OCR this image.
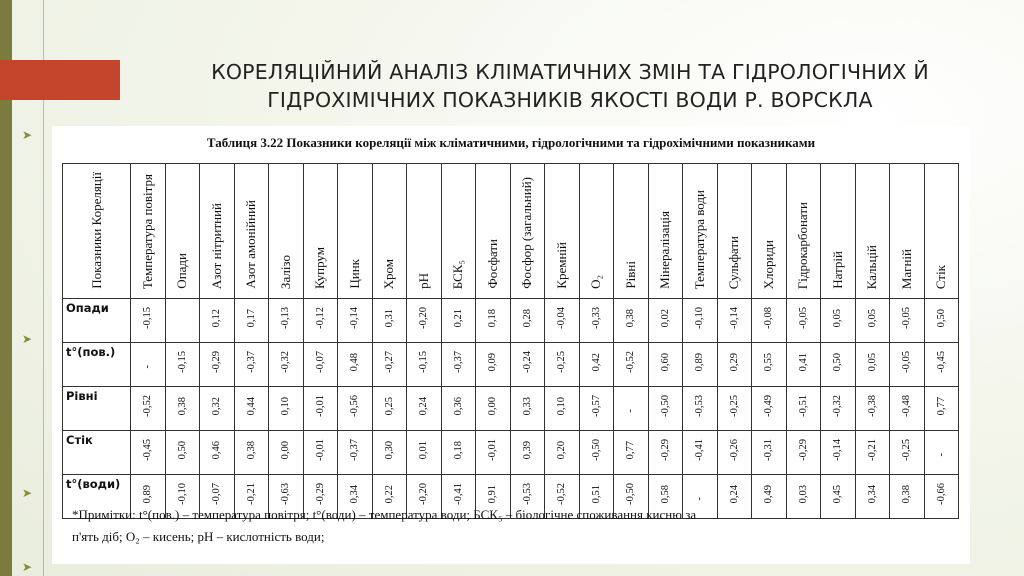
КОРЕЛЯЦІЙНИЙ АНАЛІЗ КЛІМАТИЧНИХ ЗМІН ТА ГІДРОЛОГІЧНИХ Й
ГІДРОХІМІЧНИХ ПОКАЗНИКІВ ЯКОСТІ ВОДИ Р. ВОРСКЛА
➤
➤
➤
➤
Таблиця 3.22 Показники кореляції між кліматичними, гідрологічними та гідрохімічними показниками
Показники Кореляції	Температура повітря	Опади	Азот нітритний	Азот амонійний	Залізо	Купрум	Цинк	Хром	pH	БСК₅	Фосфати	Фосфор (загальний)	Кремній	O₂	Рівні	Мінералізація	Температура води	Сульфати	Хлориди	Гідрокарбонати	Натрій	Кальцій	Магній	Стік
Опади	-0,15		0,12	0,17	-0,13	-0,12	-0,14	0,31	-0,20	0,21	0,18	0,28	-0,04	-0,33	0,38	0,02	-0,10	-0,14	-0,08	-0,05	0,05	0,05	-0,05	0,50
t°(пов.)	-	-0,15	-0,29	-0,37	-0,32	-0,07	0,48	-0,27	-0,15	-0,37	0,09	-0,24	-0,25	0,42	-0,52	0,60	0,89	0,29	0,55	0,41	0,50	0,05	-0,05	-0,45
Рівні	-0,52	0,38	0,32	0,44	0,10	-0,01	-0,56	0,25	0,24	0,36	0,00	0,33	0,10	-0,57	-	-0,50	-0,53	-0,25	-0,49	-0,51	-0,32	-0,38	-0,48	0,77
Стік	-0,45	0,50	0,46	0,38	0,00	-0,01	-0,37	0,30	0,01	0,18	-0,01	0,39	0,20	-0,50	0,77	-0,29	-0,41	-0,26	-0,31	-0,29	-0,14	-0,21	-0,25	-
t°(води)	0,89	-0,10	-0,07	-0,21	-0,63	-0,29	0,34	0,22	-0,20	-0,41	0,91	-0,53	-0,52	0,51	-0,50	0,58	-	0,24	0,49	0,03	0,45	0,34	0,38	-0,66
*Примітки: t°(пов.) – температура повітря; t°(води) – температура води; БСК₅ – біологічне споживання кисню за
п'ять діб; O₂ – кисень; pH – кислотність води;
